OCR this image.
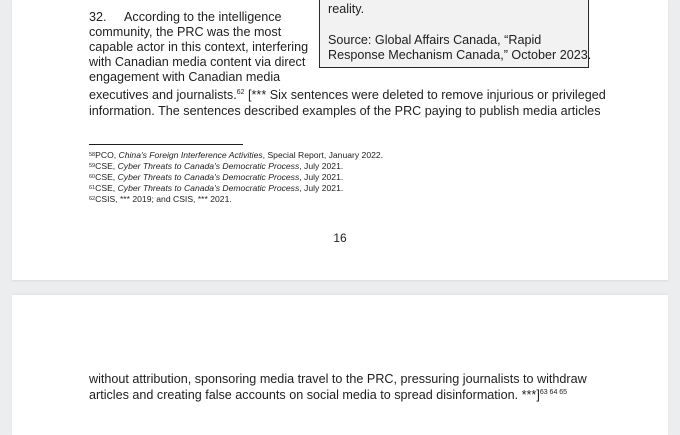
reality.
Source: Global Affairs Canada, “Rapid
Response Mechanism Canada,” October 2023.
32. According to the intelligence
community, the PRC was the most
capable actor in this context, interfering
with Canadian media content via direct
engagement with Canadian media
executives and journalists.$^{62}$ [*** Six sentences were deleted to remove injurious or privileged
information. The sentences described examples of the PRC paying to publish media articles
$^{58}$PCO, China's Foreign Interference Activities, Special Report, January 2022.
$^{59}$CSE, Cyber Threats to Canada's Democratic Process, July 2021.
$^{60}$CSE, Cyber Threats to Canada's Democratic Process, July 2021.
$^{61}$CSE, Cyber Threats to Canada's Democratic Process, July 2021.
$^{62}$CSIS, *** 2019; and CSIS, *** 2021.
16
without attribution, sponsoring media travel to the PRC, pressuring journalists to withdraw
articles and creating false accounts on social media to spread disinformation. ***]$^{63 64 65}$
